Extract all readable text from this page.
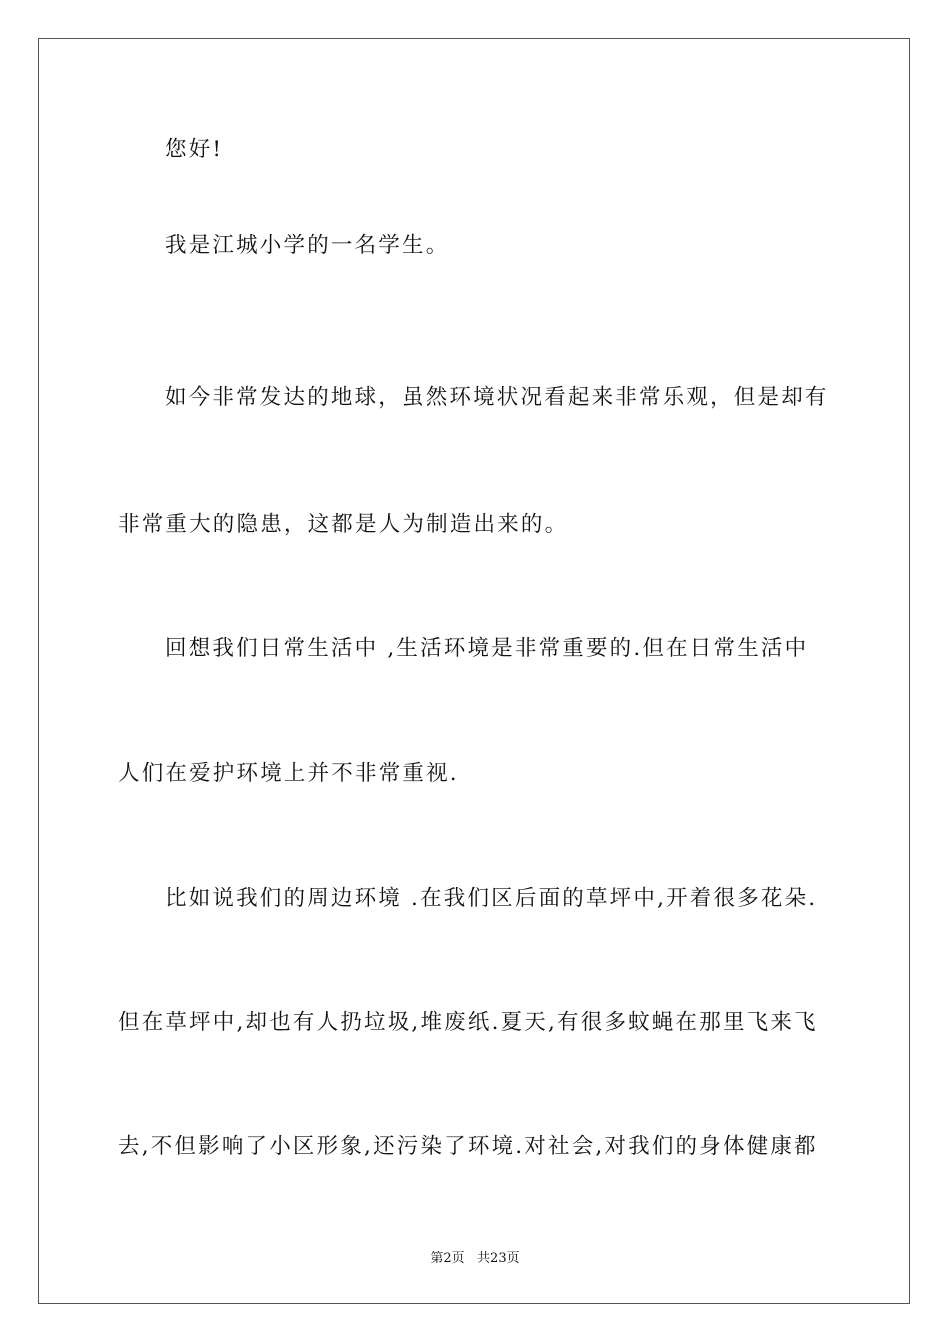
您好!
我是江城小学的一名学生。
如今非常发达的地球，虽然环境状况看起来非常乐观，但是却有
非常重大的隐患，这都是人为制造出来的。
回想我们日常生活中 ,生活环境是非常重要的.但在日常生活中
人们在爱护环境上并不非常重视.
比如说我们的周边环境 .在我们区后面的草坪中,开着很多花朵.
但在草坪中,却也有人扔垃圾,堆废纸.夏天,有很多蚊蝇在那里飞来飞
去,不但影响了小区形象,还污染了环境.对社会,对我们的身体健康都
第2页   共23页
